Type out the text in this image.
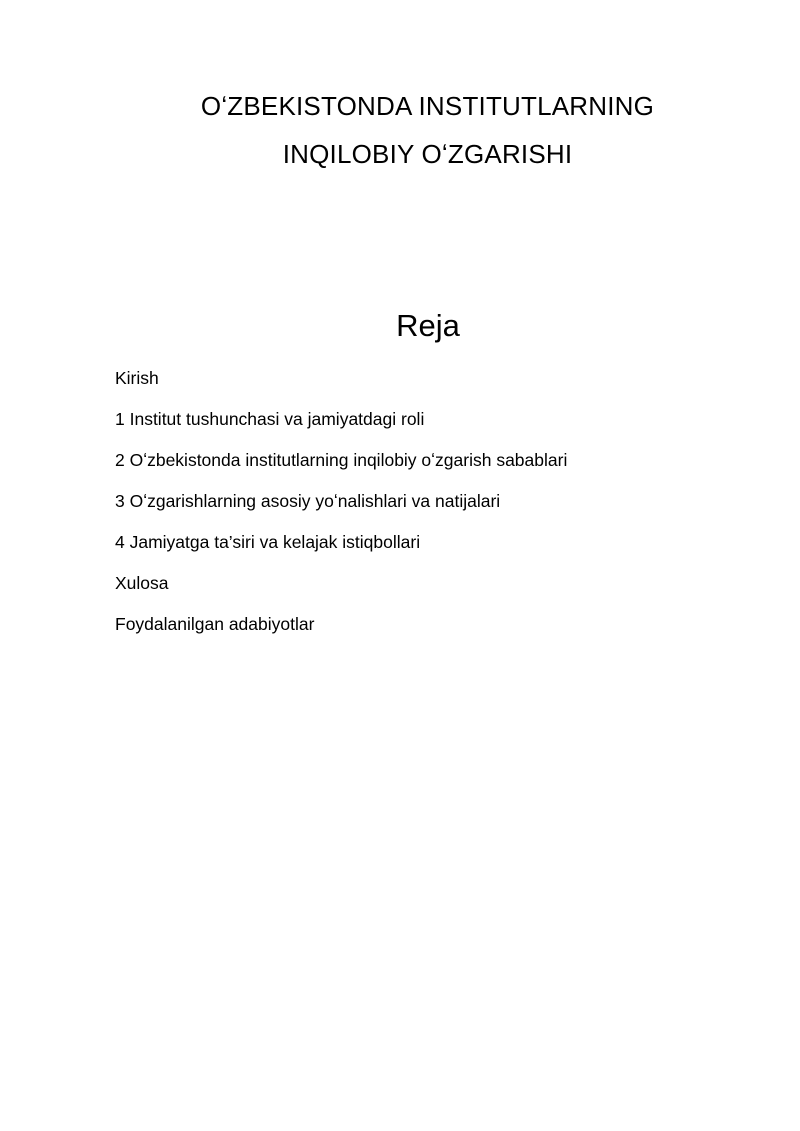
Oʻ​ZBEKISTONDA INSTITUTLARNING
INQILOBIY Oʻ​ZGARISHI
Reja
Kirish
1 Institut tushunchasi va jamiyatdagi roli
2 Oʻzbekistonda institutlarning inqilobiy oʻzgarish sabablari
3 Oʻzgarishlarning asosiy yoʻnalishlari va natijalari
4 Jamiyatga ta’siri va kelajak istiqbollari
Xulosa
Foydalanilgan adabiyotlar
